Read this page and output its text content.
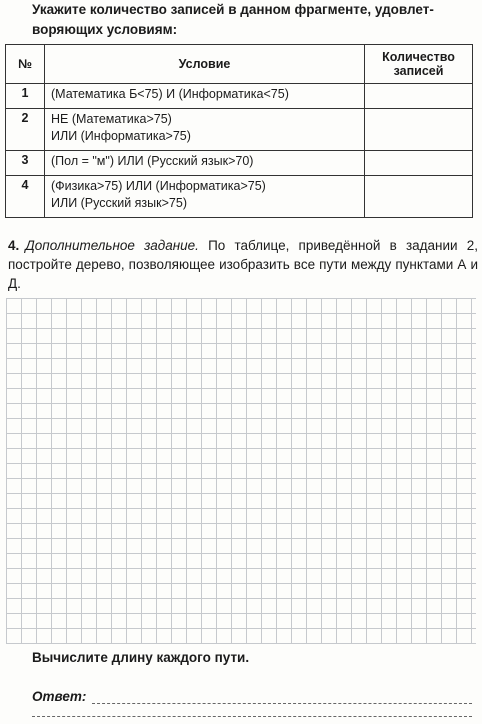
Укажите количество записей в данном фрагменте, удовлет-воряющих условиям:
№	Условие	Количество записей
1	(Математика Б<75) И (Информатика<75)	

2	НЕ (Математика>75)
ИЛИ (Информатика>75)	

3	(Пол = "м") ИЛИ (Русский язык>70)	

4	(Физика>75) ИЛИ (Информатика>75)
ИЛИ (Русский язык>75)	

4. Дополнительное задание. По таблице, приведённой в задании 2, постройте дерево, позволяющее изобразить все пути между пунктами А и Д.
Вычислите длину каждого пути.
Ответ:
